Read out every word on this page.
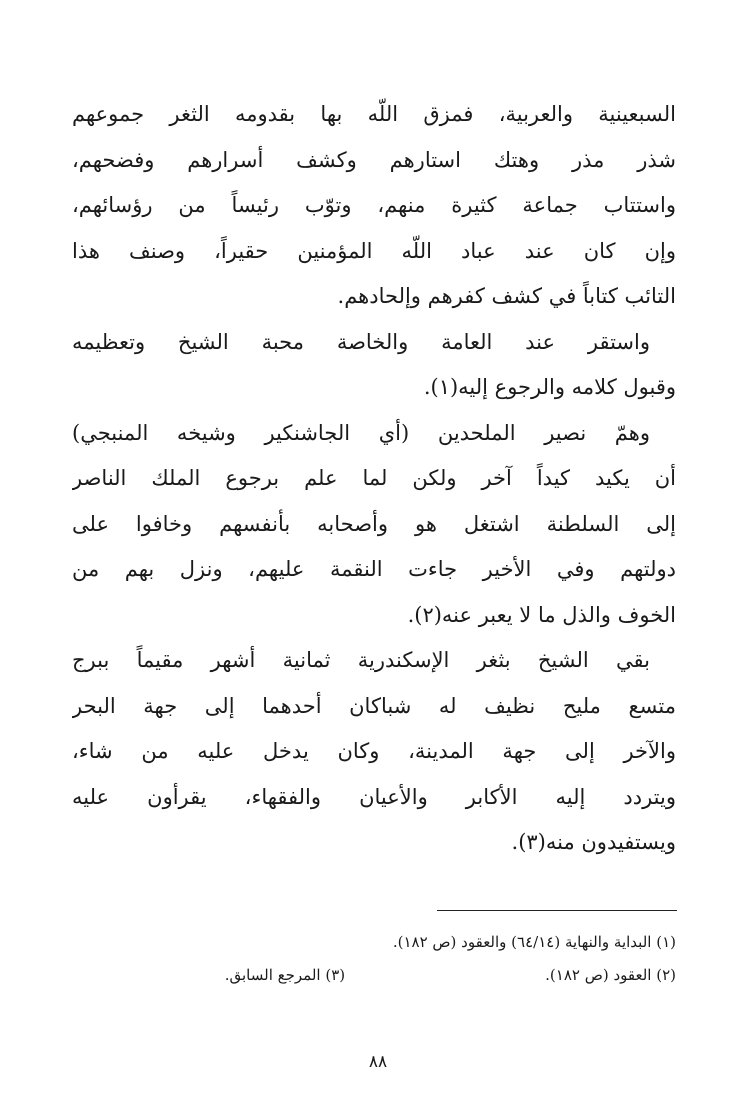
السبعينية والعربية، فمزق اللّه بها بقدومه الثغر جموعهم
شذر مذر وهتك استارهم وكشف أسرارهم وفضحهم،
واستتاب جماعة كثيرة منهم، وتوّب رئيساً من رؤسائهم،
وإن كان عند عباد اللّه المؤمنين حقيراً، وصنف هذا
التائب كتاباً في كشف كفرهم وإلحادهم.
واستقر عند العامة والخاصة محبة الشيخ وتعظيمه
وقبول كلامه والرجوع إليه(١).
وهمّ نصير الملحدين (أي الجاشنكير وشيخه المنبجي)
أن يكيد كيداً آخر ولكن لما علم برجوع الملك الناصر
إلى السلطنة اشتغل هو وأصحابه بأنفسهم وخافوا على
دولتهم وفي الأخير جاءت النقمة عليهم، ونزل بهم من
الخوف والذل ما لا يعبر عنه(٢).
بقي الشيخ بثغر الإسكندرية ثمانية أشهر مقيماً ببرج
متسع مليح نظيف له شباكان أحدهما إلى جهة البحر
والآخر إلى جهة المدينة، وكان يدخل عليه من شاء،
ويتردد إليه الأكابر والأعيان والفقهاء، يقرأون عليه
ويستفيدون منه(٣).
(١) البداية والنهاية (٦٤/١٤) والعقود (ص ١٨٢).
(٢) العقود (ص ١٨٢).
(٣) المرجع السابق.
٨٨
